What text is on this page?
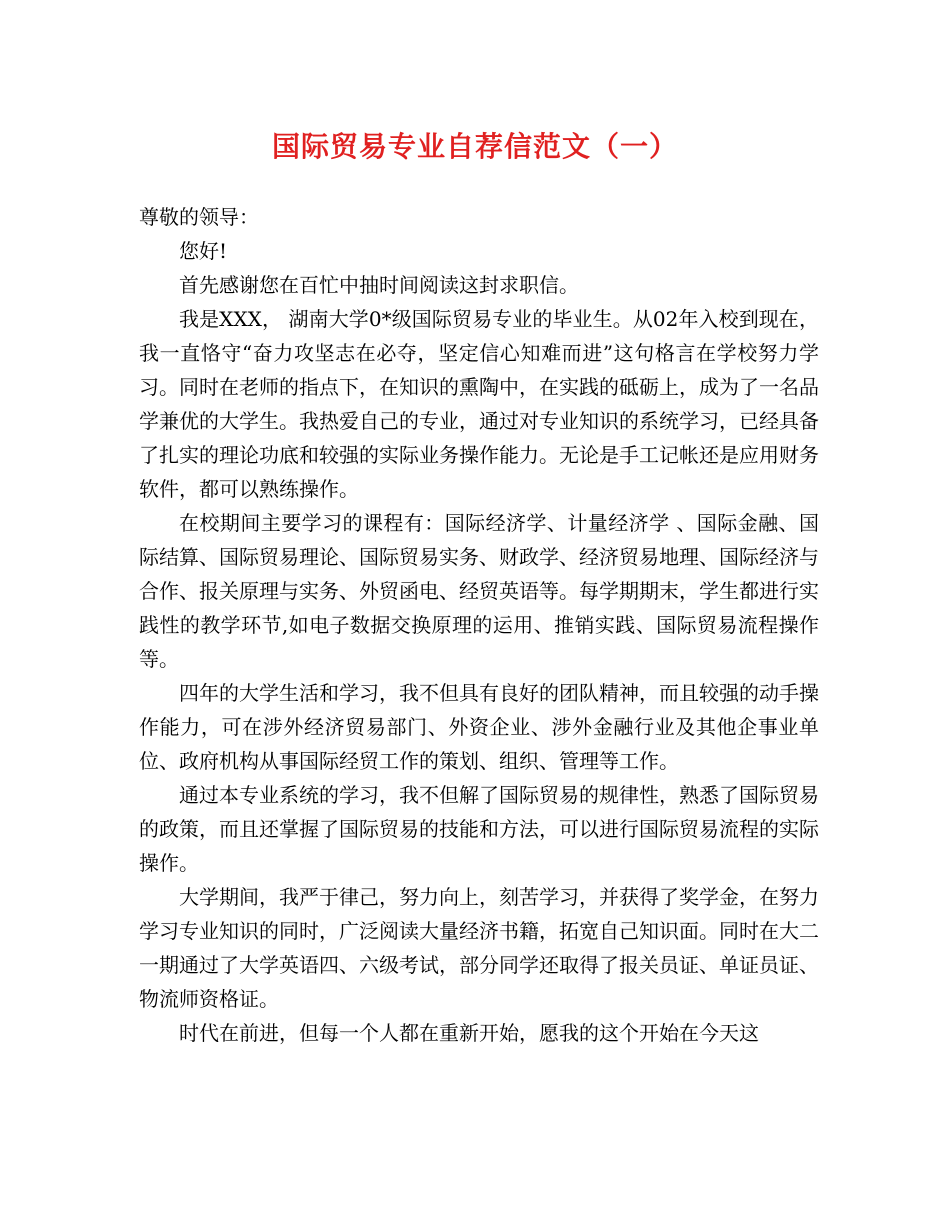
国际贸易专业自荐信范文（一）

尊敬的领导：

您好!

首先感谢您在百忙中抽时间阅读这封求职信。

我是XXX， 湖南大学0*级国际贸易专业的毕业生。从02年入校到现在，我一直恪守“奋力攻坚志在必夺，坚定信心知难而进”这句格言在学校努力学习。同时在老师的指点下，在知识的熏陶中，在实践的砥砺上，成为了一名品学兼优的大学生。我热爱自己的专业，通过对专业知识的系统学习，已经具备了扎实的理论功底和较强的实际业务操作能力。无论是手工记帐还是应用财务软件，都可以熟练操作。

在校期间主要学习的课程有：国际经济学、计量经济学 、国际金融、国际结算、国际贸易理论、国际贸易实务、财政学、经济贸易地理、国际经济与合作、报关原理与实务、外贸函电、经贸英语等。每学期期末，学生都进行实践性的教学环节,如电子数据交换原理的运用、推销实践、国际贸易流程操作等。

四年的大学生活和学习，我不但具有良好的团队精神，而且较强的动手操作能力，可在涉外经济贸易部门、外资企业、涉外金融行业及其他企事业单位、政府机构从事国际经贸工作的策划、组织、管理等工作。

通过本专业系统的学习，我不但解了国际贸易的规律性，熟悉了国际贸易的政策，而且还掌握了国际贸易的技能和方法，可以进行国际贸易流程的实际操作。

大学期间，我严于律己，努力向上，刻苦学习，并获得了奖学金，在努力学习专业知识的同时，广泛阅读大量经济书籍，拓宽自己知识面。同时在大二一期通过了大学英语四、六级考试，部分同学还取得了报关员证、单证员证、物流师资格证。

时代在前进，但每一个人都在重新开始，愿我的这个开始在今天这
